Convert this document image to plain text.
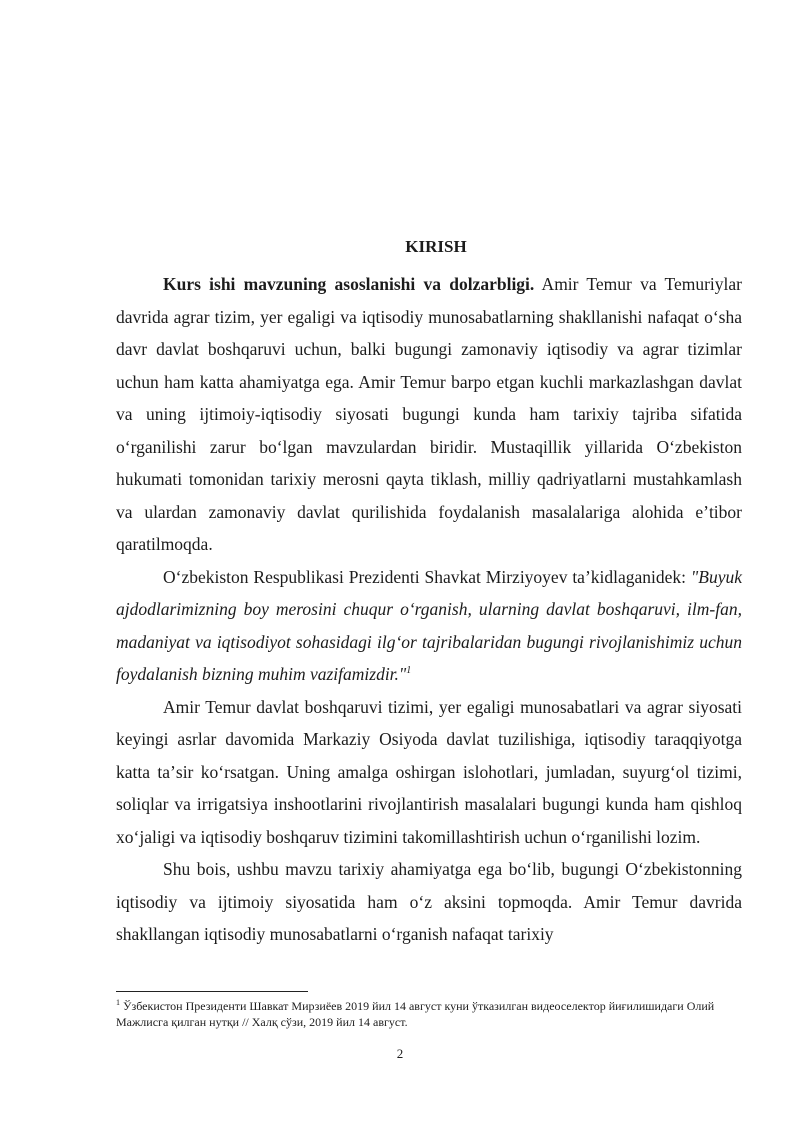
KIRISH

Kurs ishi mavzuning asoslanishi va dolzarbligi. Amir Temur va Temuriylar davrida agrar tizim, yer egaligi va iqtisodiy munosabatlarning shakllanishi nafaqat oʻsha davr davlat boshqaruvi uchun, balki bugungi zamonaviy iqtisodiy va agrar tizimlar uchun ham katta ahamiyatga ega. Amir Temur barpo etgan kuchli markazlashgan davlat va uning ijtimoiy-iqtisodiy siyosati bugungi kunda ham tarixiy tajriba sifatida oʻrganilishi zarur boʻlgan mavzulardan biridir. Mustaqillik yillarida Oʻzbekiston hukumati tomonidan tarixiy merosni qayta tiklash, milliy qadriyatlarni mustahkamlash va ulardan zamonaviy davlat qurilishida foydalanish masalalariga alohida eʼtibor qaratilmoqda.

Oʻzbekiston Respublikasi Prezidenti Shavkat Mirziyoyev taʼkidlaganidek: "Buyuk ajdodlarimizning boy merosini chuqur oʻrganish, ularning davlat boshqaruvi, ilm-fan, madaniyat va iqtisodiyot sohasidagi ilgʻor tajribalaridan bugungi rivojlanishimiz uchun foydalanish bizning muhim vazifamizdir."$^1$

Amir Temur davlat boshqaruvi tizimi, yer egaligi munosabatlari va agrar siyosati keyingi asrlar davomida Markaziy Osiyoda davlat tuzilishiga, iqtisodiy taraqqiyotga katta taʼsir koʻrsatgan. Uning amalga oshirgan islohotlari, jumladan, suyurgʻol tizimi, soliqlar va irrigatsiya inshootlarini rivojlantirish masalalari bugungi kunda ham qishloq xoʻjaligi va iqtisodiy boshqaruv tizimini takomillashtirish uchun oʻrganilishi lozim.

Shu bois, ushbu mavzu tarixiy ahamiyatga ega boʻlib, bugungi Oʻzbekistonning iqtisodiy va ijtimoiy siyosatida ham oʻz aksini topmoqda. Amir Temur davrida shakllangan iqtisodiy munosabatlarni oʻrganish nafaqat tarixiy

$^1$ Ўзбекистон Президенти Шавкат Мирзиёев 2019 йил 14 август куни ўтказилган видеоселектор йиғилишидаги Олий Мажлисга қилган нутқи // Халқ сўзи, 2019 йил 14 август.
2
